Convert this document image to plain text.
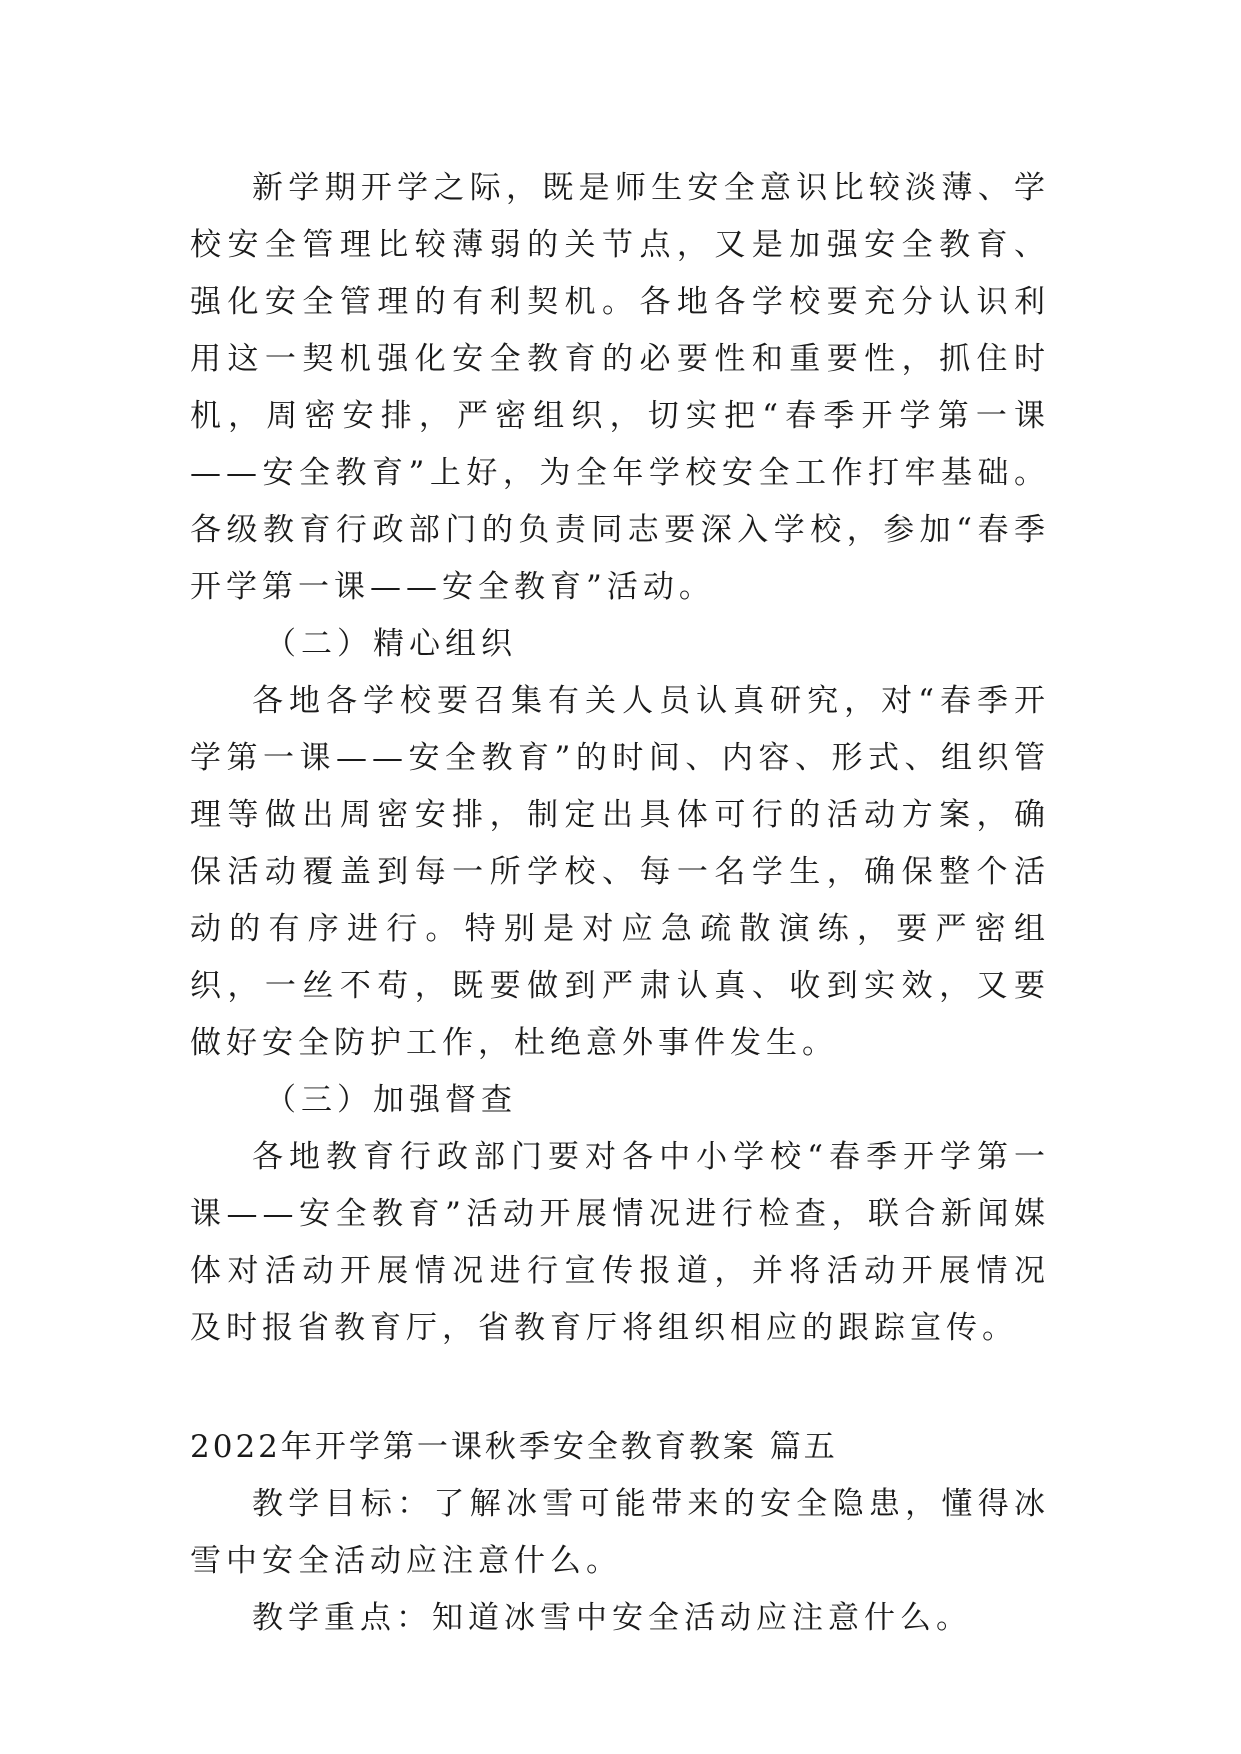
新学期开学之际，既是师生安全意识比较淡薄、学校安全管理比较薄弱的关节点，又是加强安全教育、强化安全管理的有利契机。各地各学校要充分认识利用这一契机强化安全教育的必要性和重要性，抓住时机，周密安排，严密组织，切实把“春季开学第一课——安全教育”上好，为全年学校安全工作打牢基础。各级教育行政部门的负责同志要深入学校，参加“春季开学第一课——安全教育”活动。

（二）精心组织

各地各学校要召集有关人员认真研究，对“春季开学第一课——安全教育”的时间、内容、形式、组织管理等做出周密安排，制定出具体可行的活动方案，确保活动覆盖到每一所学校、每一名学生，确保整个活动的有序进行。特别是对应急疏散演练，要严密组织，一丝不苟，既要做到严肃认真、收到实效，又要做好安全防护工作，杜绝意外事件发生。

（三）加强督查

各地教育行政部门要对各中小学校“春季开学第一课——安全教育”活动开展情况进行检查，联合新闻媒体对活动开展情况进行宣传报道，并将活动开展情况及时报省教育厅，省教育厅将组织相应的跟踪宣传。

2022年开学第一课秋季安全教育教案 篇五

教学目标：了解冰雪可能带来的安全隐患，懂得冰雪中安全活动应注意什么。

教学重点：知道冰雪中安全活动应注意什么。
